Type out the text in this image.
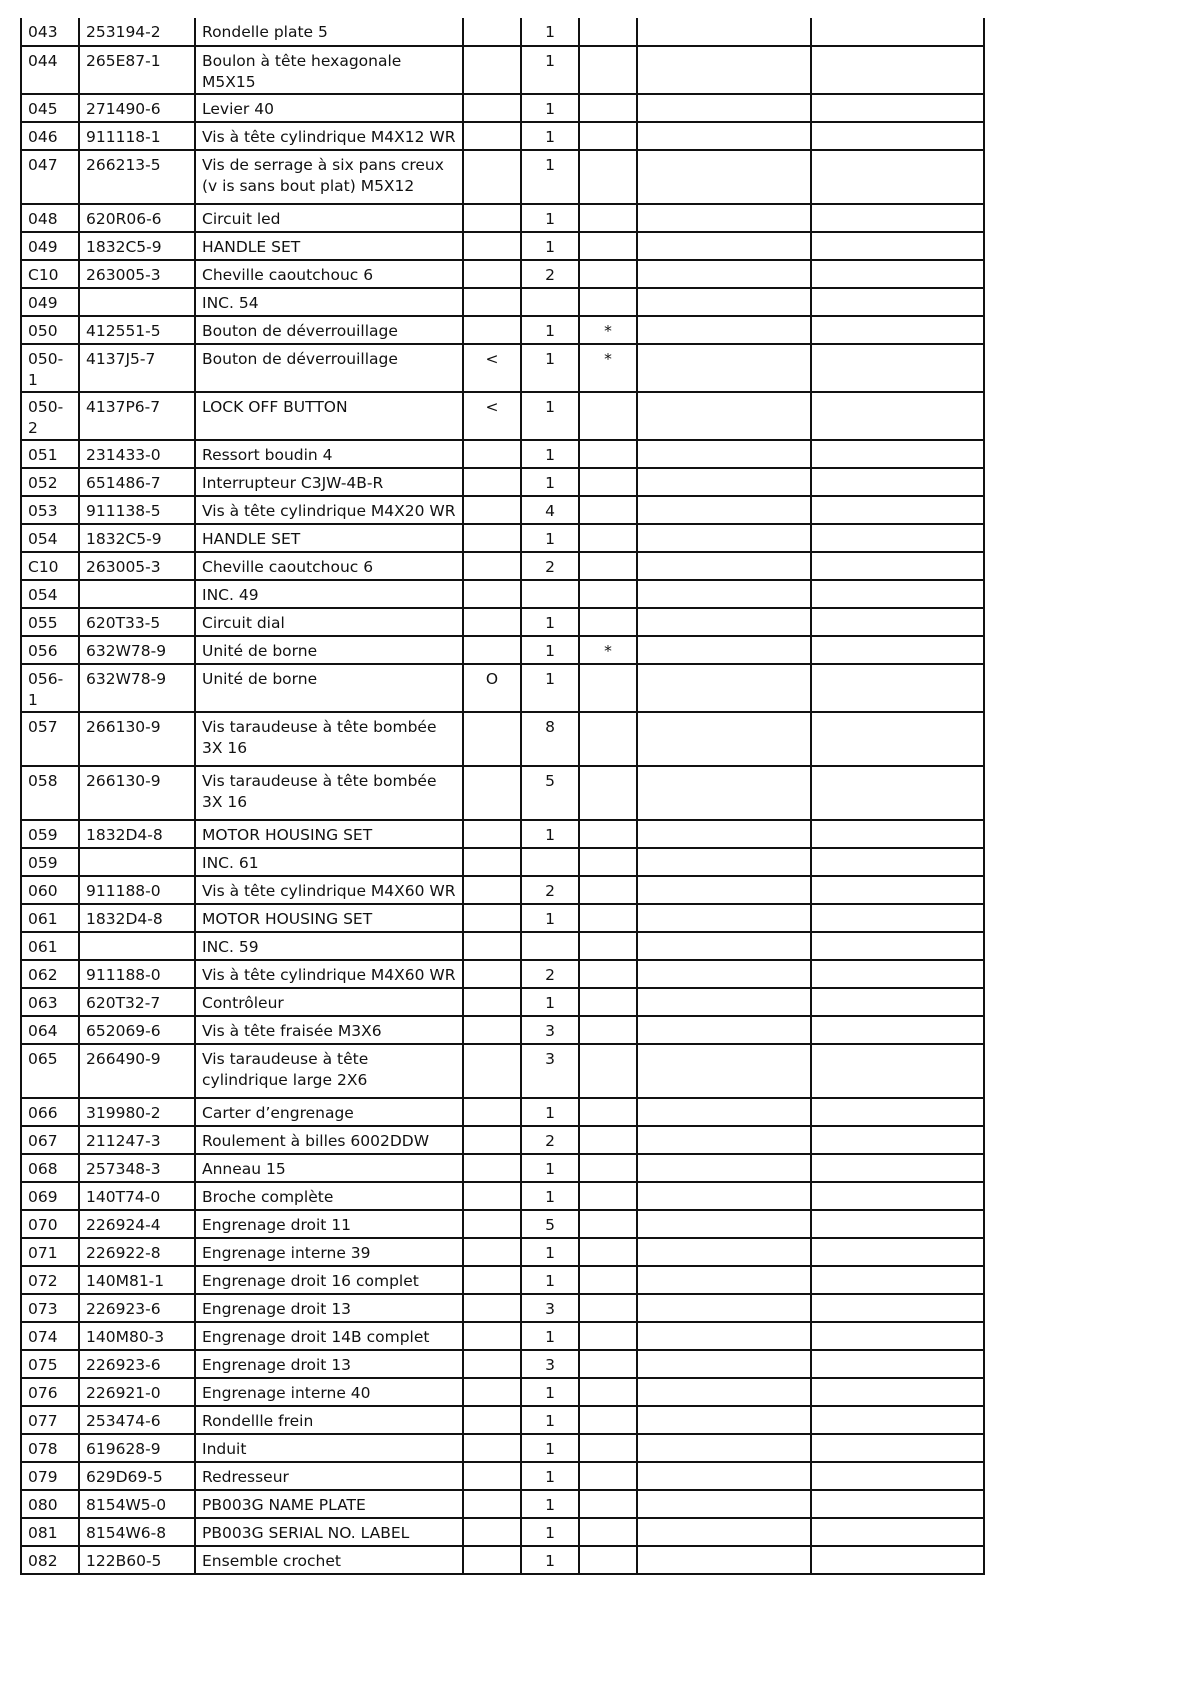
043	253194-2	Rondelle plate 5		1			
044	265E87-1	Boulon à tête hexagonale M5X15		1			
045	271490-6	Levier 40		1			
046	911118-1	Vis à tête cylindrique M4X12 WR		1			
047	266213-5	Vis de serrage à six pans creux (v is sans bout plat) M5X12		1			
048	620R06-6	Circuit led		1			
049	1832C5-9	HANDLE SET		1			
C10	263005-3	Cheville caoutchouc 6		2			
049		INC. 54					
050	412551-5	Bouton de déverrouillage		1	*		
050-1	4137J5-7	Bouton de déverrouillage	<	1	*		
050-2	4137P6-7	LOCK OFF BUTTON	<	1			
051	231433-0	Ressort boudin 4		1			
052	651486-7	Interrupteur C3JW-4B-R		1			
053	911138-5	Vis à tête cylindrique M4X20 WR		4			
054	1832C5-9	HANDLE SET		1			
C10	263005-3	Cheville caoutchouc 6		2			
054		INC. 49					
055	620T33-5	Circuit dial		1			
056	632W78-9	Unité de borne		1	*		
056-1	632W78-9	Unité de borne	O	1			
057	266130-9	Vis taraudeuse à tête bombée 3X 16		8			
058	266130-9	Vis taraudeuse à tête bombée 3X 16		5			
059	1832D4-8	MOTOR HOUSING SET		1			
059		INC. 61					
060	911188-0	Vis à tête cylindrique M4X60 WR		2			
061	1832D4-8	MOTOR HOUSING SET		1			
061		INC. 59					
062	911188-0	Vis à tête cylindrique M4X60 WR		2			
063	620T32-7	Contrôleur		1			
064	652069-6	Vis à tête fraisée M3X6		3			
065	266490-9	Vis taraudeuse à tête cylindrique large 2X6		3			
066	319980-2	Carter d’engrenage		1			
067	211247-3	Roulement à billes 6002DDW		2			
068	257348-3	Anneau 15		1			
069	140T74-0	Broche complète		1			
070	226924-4	Engrenage droit 11		5			
071	226922-8	Engrenage interne 39		1			
072	140M81-1	Engrenage droit 16 complet		1			
073	226923-6	Engrenage droit 13		3			
074	140M80-3	Engrenage droit 14B complet		1			
075	226923-6	Engrenage droit 13		3			
076	226921-0	Engrenage interne 40		1			
077	253474-6	Rondellle frein		1			
078	619628-9	Induit		1			
079	629D69-5	Redresseur		1			
080	8154W5-0	PB003G NAME PLATE		1			
081	8154W6-8	PB003G SERIAL NO. LABEL		1			
082	122B60-5	Ensemble crochet		1			
